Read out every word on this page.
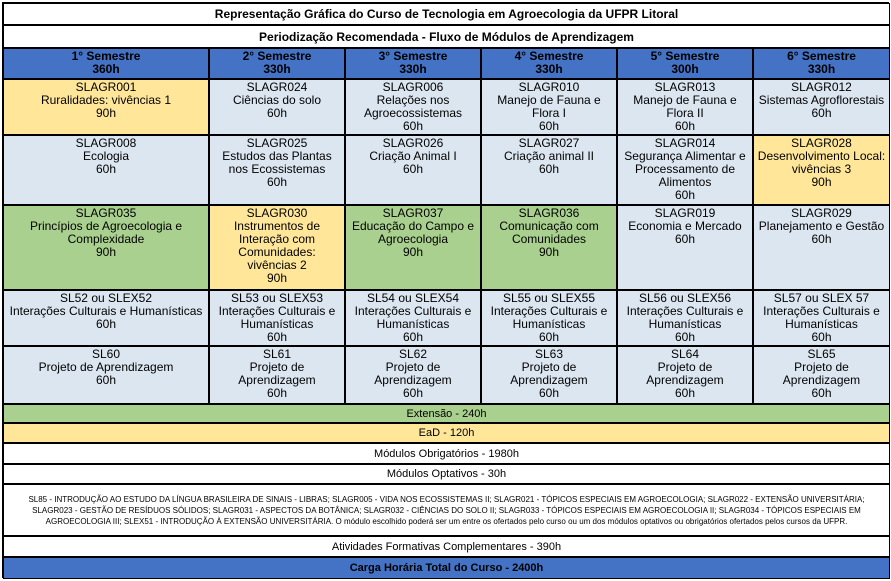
Representação Gráfica do Curso de Tecnologia em Agroecologia da UFPR Litoral
Periodização Recomendada - Fluxo de Módulos de Aprendizagem
1° Semestre
360h
2° Semestre
330h
3° Semestre
330h
4° Semestre
330h
5° Semestre
300h
6° Semestre
330h
SLAGR001
Ruralidades: vivências 1
90h
SLAGR024
Ciências do solo
60h
SLAGR006
Relações nos Agroecossistemas
60h
SLAGR010
Manejo de Fauna e Flora I
60h
SLAGR013
Manejo de Fauna e Flora II
60h
SLAGR012
Sistemas Agroflorestais
60h
SLAGR008
Ecologia
60h
SLAGR025
Estudos das Plantas nos Ecossistemas
60h
SLAGR026
Criação Animal I
60h
SLAGR027
Criação animal II
60h
SLAGR014
Segurança Alimentar e Processamento de Alimentos
60h
SLAGR028
Desenvolvimento Local: vivências 3
90h
SLAGR035
Princípios de Agroecologia e Complexidade
90h
SLAGR030
Instrumentos de Interação com Comunidades: vivências 2
90h
SLAGR037
Educação do Campo e Agroecologia
90h
SLAGR036
Comunicação com Comunidades
90h
SLAGR019
Economia e Mercado
60h
SLAGR029
Planejamento e Gestão
60h
SL52 ou SLEX52
Interações Culturais e Humanísticas
60h
SL53 ou SLEX53
Interações Culturais e Humanísticas
60h
SL54 ou SLEX54
Interações Culturais e Humanísticas
60h
SL55 ou SLEX55
Interações Culturais e Humanísticas
60h
SL56 ou SLEX56
Interações Culturais e Humanísticas
60h
SL57 ou SLEX 57
Interações Culturais e Humanísticas
60h
SL60
Projeto de Aprendizagem
60h
SL61
Projeto de Aprendizagem
60h
SL62
Projeto de Aprendizagem
60h
SL63
Projeto de Aprendizagem
60h
SL64
Projeto de Aprendizagem
60h
SL65
Projeto de Aprendizagem
60h
Extensão - 240h
EaD - 120h
Módulos Obrigatórios - 1980h
Módulos Optativos - 30h
SL85 - INTRODUÇÃO AO ESTUDO DA LÍNGUA BRASILEIRA DE SINAIS - LIBRAS; SLAGR005 - VIDA NOS ECOSSISTEMAS II; SLAGR021 - TÓPICOS ESPECIAIS EM AGROECOLOGIA; SLAGR022 - EXTENSÃO UNIVERSITÁRIA; SLAGR023 - GESTÃO DE RESÍDUOS SÓLIDOS; SLAGR031 - ASPECTOS DA BOTÂNICA; SLAGR032 - CIÊNCIAS DO SOLO II; SLAGR033 - TÓPICOS ESPECIAIS EM AGROECOLOGIA II; SLAGR034 - TÓPICOS ESPECIAIS EM AGROECOLOGIA III; SLEX51 - INTRODUÇÃO À EXTENSÃO UNIVERSITÁRIA. O módulo escolhido poderá ser um entre os ofertados pelo curso ou um dos módulos optativos ou obrigatórios ofertados pelos cursos da UFPR.
Atividades Formativas Complementares - 390h
Carga Horária Total do Curso - 2400h
